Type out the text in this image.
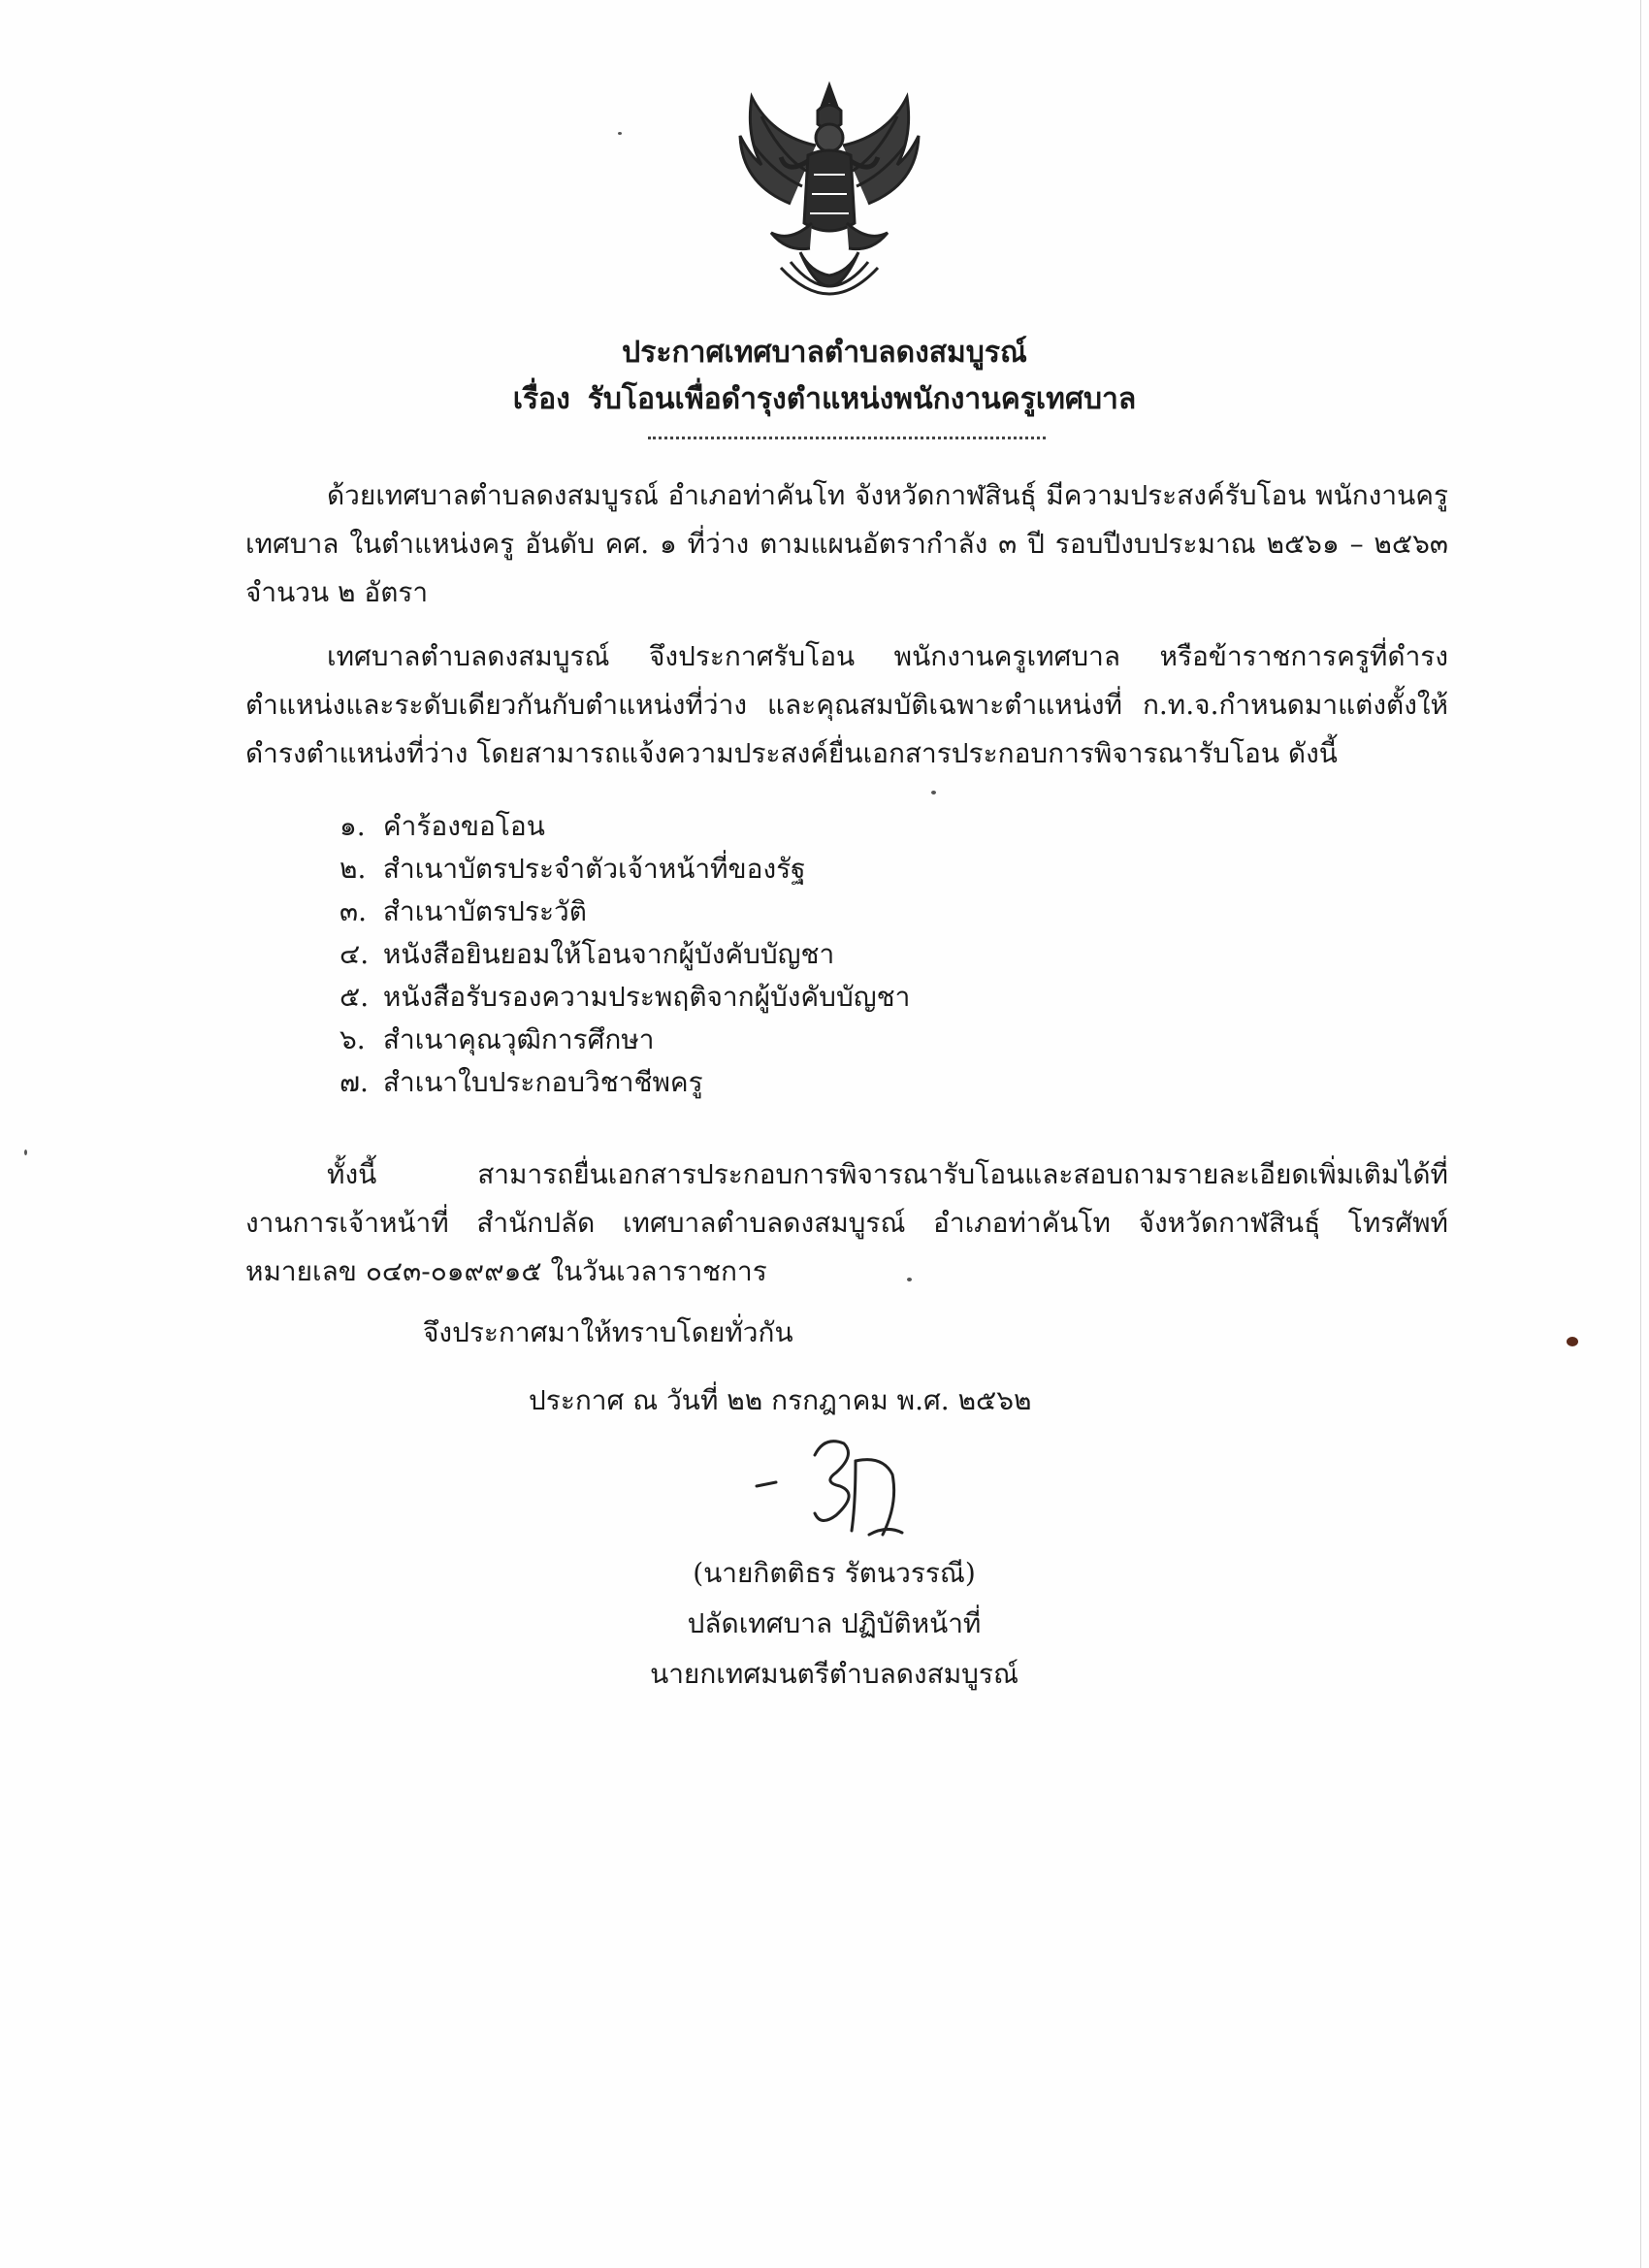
ประกาศเทศบาลตำบลดงสมบูรณ์
เรื่อง รับโอนเพื่อดำรุงตำแหน่งพนักงานครูเทศบาล
ด้วยเทศบาลตำบลดงสมบูรณ์ อำเภอท่าคันโท จังหวัดกาฬสินธุ์ มีความประสงค์รับโอน พนักงานครูเทศบาล ในตำแหน่งครู อันดับ คศ. ๑ ที่ว่าง ตามแผนอัตรากำลัง ๓ ปี รอบปีงบประมาณ ๒๕๖๑ – ๒๕๖๓ จำนวน ๒ อัตรา
เทศบาลตำบลดงสมบูรณ์ จึงประกาศรับโอน พนักงานครูเทศบาล หรือข้าราชการครูที่ดำรงตำแหน่งและระดับเดียวกันกับตำแหน่งที่ว่าง และคุณสมบัติเฉพาะตำแหน่งที่ ก.ท.จ.กำหนดมาแต่งตั้งให้ดำรงตำแหน่งที่ว่าง โดยสามารถแจ้งความประสงค์ยื่นเอกสารประกอบการพิจารณารับโอน ดังนี้
๑. คำร้องขอโอน
๒. สำเนาบัตรประจำตัวเจ้าหน้าที่ของรัฐ
๓. สำเนาบัตรประวัติ
๔. หนังสือยินยอมให้โอนจากผู้บังคับบัญชา
๕. หนังสือรับรองความประพฤติจากผู้บังคับบัญชา
๖. สำเนาคุณวุฒิการศึกษา
๗. สำเนาใบประกอบวิชาชีพครู
ทั้งนี้ สามารถยื่นเอกสารประกอบการพิจารณารับโอนและสอบถามรายละเอียดเพิ่มเติมได้ที่ งานการเจ้าหน้าที่ สำนักปลัด เทศบาลตำบลดงสมบูรณ์ อำเภอท่าคันโท จังหวัดกาฬสินธุ์ โทรศัพท์หมายเลข ๐๔๓-๐๑๙๙๑๕ ในวันเวลาราชการ
จึงประกาศมาให้ทราบโดยทั่วกัน
ประกาศ ณ วันที่ ๒๒ กรกฎาคม พ.ศ. ๒๕๖๒
(นายกิตติธร รัตนวรรณี)
ปลัดเทศบาล ปฏิบัติหน้าที่
นายกเทศมนตรีตำบลดงสมบูรณ์
